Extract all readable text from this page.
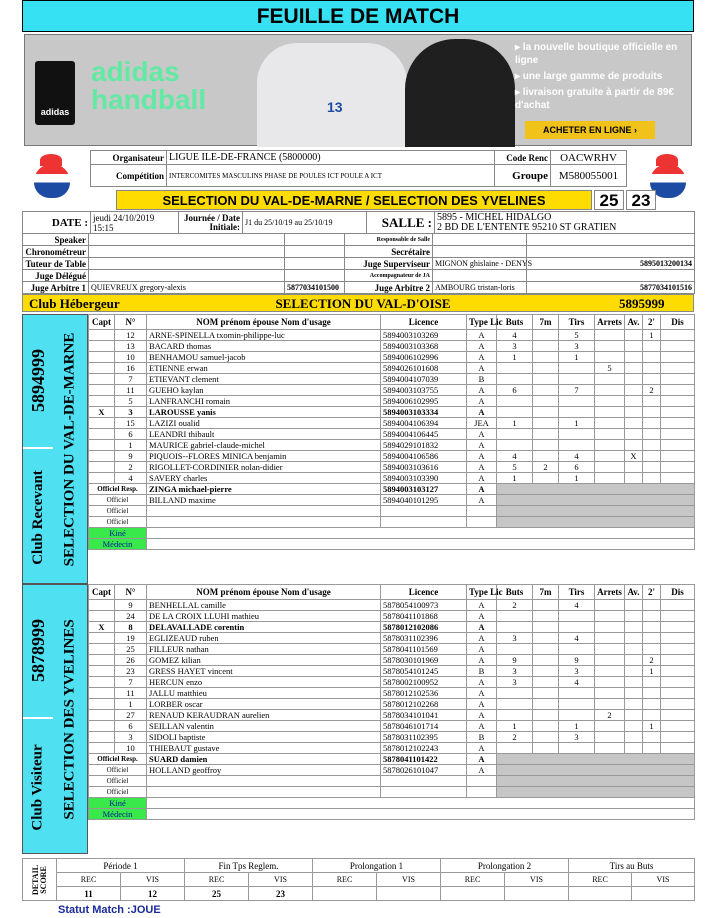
FEUILLE DE MATCH
adidas
adidas
handball	13
▸ la nouvelle boutique officielle en ligne
▸ une large gamme de produits
▸ livraison gratuite à partir de 89€ d'achat
ACHETER EN LIGNE ›
Organisateur	LIGUE ILE-DE-FRANCE (5800000)	Code Renc	OACWRHV
Compétition	INTERCOMITES MASCULINS PHASE DE POULES ICT POULE A ICT	Groupe	M580055001
SELECTION DU VAL-DE-MARNE / SELECTION DES YVELINES	25 23
DATE :	jeudi 24/10/2019
15:15	Journée / Date Initiale:	J1 du 25/10/19 au 25/10/19	SALLE :	5895 - MICHEL HIDALGO
2 BD DE L'ENTENTE 95210 ST GRATIEN
Speaker			Responsable de Salle		
Chronométreur			Secrétaire		
Tuteur de Table			Juge Superviseur	MIGNON ghislaine - DENYS	5895013200134
Juge Délégué			Accompagnateur de JA		
Juge Arbitre 1	QUIEVREUX gregory-alexis	5877034101500	Juge Arbitre 2	AMBOURG tristan-loris	5877034101516
Club Hébergeur	SELECTION DU VAL-D'OISE	5895999
5894999
Club Recevant SELECTION DU VAL-DE-MARNE
Capt	N°	NOM prénom épouse Nom d'usage	Licence	Type Lic	Buts	7m	Tirs	Arrets	Av.	2'	Dis
	12	ARNE-SPINELLA txomin-philippe-luc	5894003103269	A	4		5			1	
	13	BACARD thomas	5894003103368	A	3		3				
	10	BENHAMOU samuel-jacob	5894006102996	A	1		1				
	16	ETIENNE erwan	5894026101608	A				5			
	7	ETIEVANT clement	5894004107039	B							
	11	GUEHO kaylan	5894003103755	A	6		7			2	
	5	LANFRANCHI romain	5894006102995	A							
X	3	LAROUSSE yanis	5894003103334	A							
	15	LAZIZI oualid	5894004106394	JEA	1		1				
	6	LEANDRI thibault	5894004106445	A							
	1	MAURICE gabriel-claude-michel	5894029101832	A							
	9	PIQUOIS--FLORES MINICA benjamin	5894004106586	A	4		4		X		
	2	RIGOLLET-CORDINIER nolan-didier	5894003103616	A	5	2	6				
	4	SAVERY charles	5894003103390	A	1		1				
Officiel Resp.		ZINGA michael-pierre	5894003103127	A							
Officiel		BILLAND maxime	5894040101295	A							
Officiel											
Officiel											
Kiné											
Médecin											
5878999
Club Visiteur SELECTION DES YVELINES
Capt	N°	NOM prénom épouse Nom d'usage	Licence	Type Lic	Buts	7m	Tirs	Arrets	Av.	2'	Dis
	9	BENHELLAL camille	5878054100973	A	2		4				
	24	DE LA CROIX LLUHI mathieu	5878041101868	A							
X	8	DELAVALLADE corentin	5878012102086	A							
	19	EGLIZEAUD ruben	5878031102396	A	3		4				
	25	FILLEUR nathan	5878041101569	A							
	26	GOMEZ kilian	5878030101969	A	9		9			2	
	23	GRESS HAYET vincent	5878054101245	B	3		3			1	
	7	HERCUN enzo	5878002100952	A	3		4				
	11	JALLU matthieu	5878012102536	A							
	1	LORBER oscar	5878012102268	A							
	27	RENAUD KERAUDRAN aurelien	5878034101041	A				2			
	6	SEILLAN valentin	5878046101714	A	1		1			1	
	3	SIDOLI baptiste	5878031102395	B	2		3				
	10	THIEBAUT gustave	5878012102243	A							
Officiel Resp.		SUARD damien	5878041101422	A							
Officiel		HOLLAND geoffroy	5878026101047	A							
Officiel											
Officiel											
Kiné											
Médecin											
DETAIL SCORE	Période 1		Fin Tps Reglem.		Prolongation 1		Prolongation 2		Tirs au Buts	
	REC	VIS	REC	VIS	REC	VIS	REC	VIS	REC	VIS
	11	12	25	23						
Statut Match :JOUE
